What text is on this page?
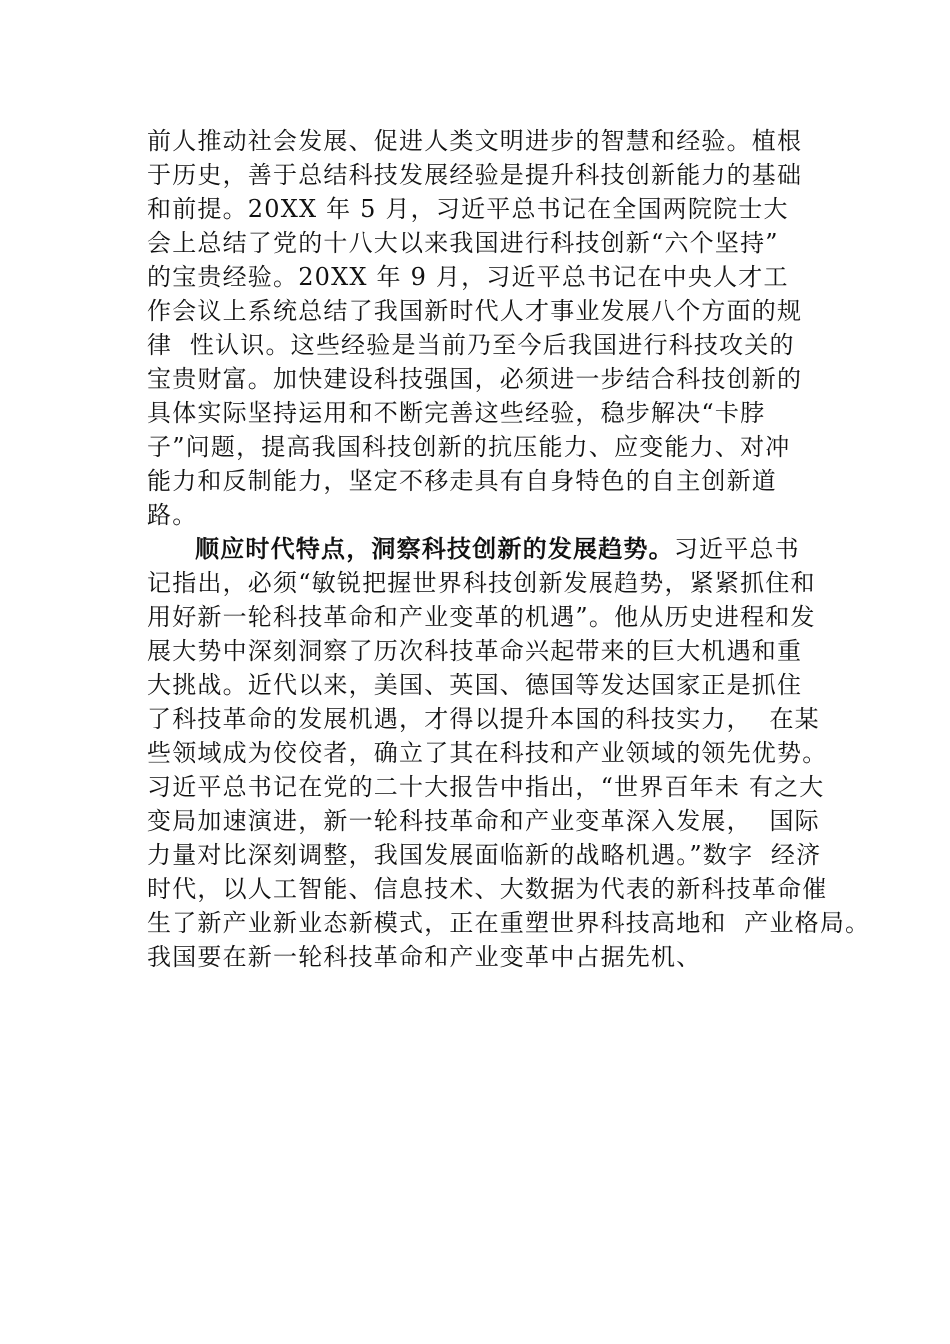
前人推动社会发展、促进人类文明进步的智慧和经验。植根
于历史，善于总结科技发展经验是提升科技创新能力的基础
和前提。20XX 年 5 月，习近平总书记在全国两院院士大
会上总结了党的十八大以来我国进行科技创新“六个坚持”
的宝贵经验。20XX 年 9 月，习近平总书记在中央人才工
作会议上系统总结了我国新时代人才事业发展八个方面的规
律  性认识。这些经验是当前乃至今后我国进行科技攻关的
宝贵财富。加快建设科技强国，必须进一步结合科技创新的
具体实际坚持运用和不断完善这些经验，稳步解决“卡脖
子”问题，提高我国科技创新的抗压能力、应变能力、对冲
能力和反制能力，坚定不移走具有自身特色的自主创新道
路。
顺应时代特点，洞察科技创新的发展趋势。习近平总书
记指出，必须“敏锐把握世界科技创新发展趋势，紧紧抓住和
用好新一轮科技革命和产业变革的机遇”。他从历史进程和发
展大势中深刻洞察了历次科技革命兴起带来的巨大机遇和重
大挑战。近代以来，美国、英国、德国等发达国家正是抓住
了科技革命的发展机遇，才得以提升本国的科技实力，  在某
些领域成为佼佼者，确立了其在科技和产业领域的领先优势。
习近平总书记在党的二十大报告中指出，“世界百年未 有之大
变局加速演进，新一轮科技革命和产业变革深入发展，  国际
力量对比深刻调整，我国发展面临新的战略机遇。”数字  经济
时代，以人工智能、信息技术、大数据为代表的新科技革命催
生了新产业新业态新模式，正在重塑世界科技高地和  产业格局。
我国要在新一轮科技革命和产业变革中占据先机、
